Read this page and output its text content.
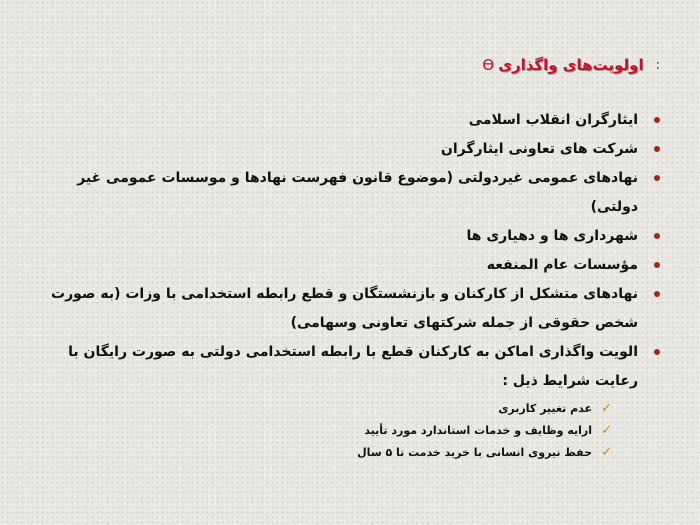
:
اولویت‌های واگذاری
ϴ
ایثارگران انقلاب اسلامی
شرکت های تعاونی ایثارگران
نهادهای عمومی غیردولتی (موضوع قانون فهرست نهادها و موسسات عمومی غیر دولتی)
شهرداری ها و دهیاری ها
مؤسسات عام المنفعه
نهادهای متشکل از کارکنان و بازنشستگان و قطع رابطه استخدامی با وزات (به صورت شخص حقوقی از جمله شرکتهای تعاونی وسهامی)
الویت واگذاری اماکن به کارکنان قطع با رابطه استخدامی دولتی به صورت رایگان با رعایت شرایط ذیل :
✓
عدم تغییر کاربری
✓
ارایه وظایف و خدمات استاندارد مورد تأیید
✓
حفظ نیروی انسانی با خرید خدمت تا ۵ سال
